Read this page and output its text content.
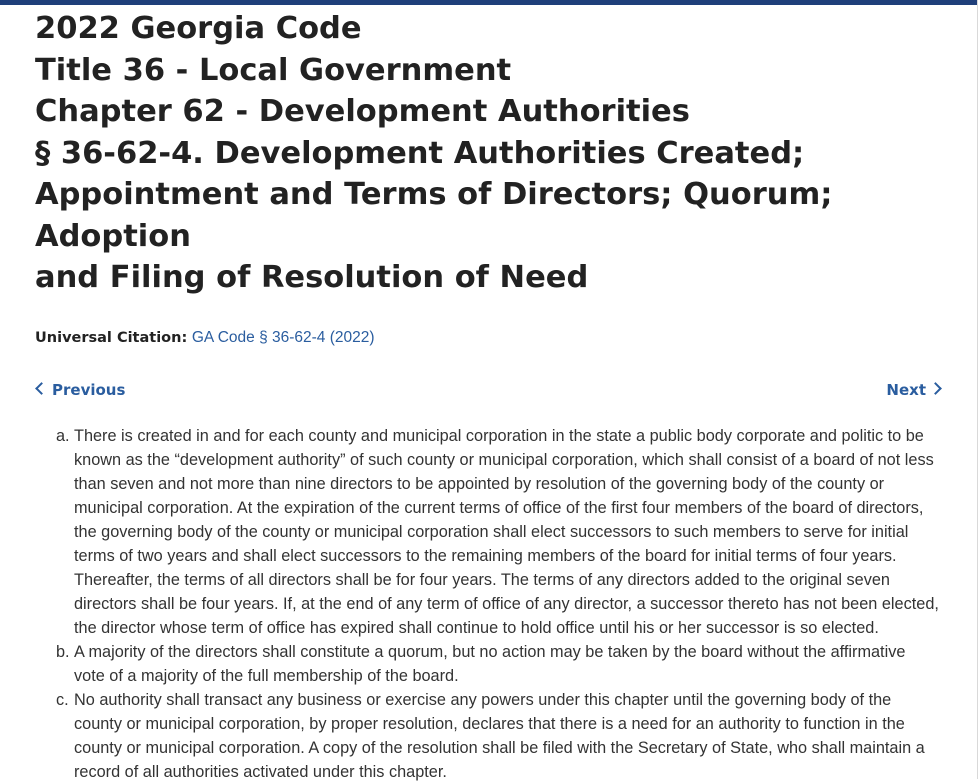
2022 Georgia Code
Title 36 - Local Government
Chapter 62 - Development Authorities
§ 36-62-4. Development Authorities Created;
Appointment and Terms of Directors; Quorum; Adoption
and Filing of Resolution of Need
Universal Citation: GA Code § 36-62-4 (2022)
Previous	Next
a. There is created in and for each county and municipal corporation in the state a public body corporate and politic to be known as the “development authority” of such county or municipal corporation, which shall consist of a board of not less than seven and not more than nine directors to be appointed by resolution of the governing body of the county or municipal corporation. At the expiration of the current terms of office of the first four members of the board of directors, the governing body of the county or municipal corporation shall elect successors to such members to serve for initial terms of two years and shall elect successors to the remaining members of the board for initial terms of four years. Thereafter, the terms of all directors shall be for four years. The terms of any directors added to the original seven directors shall be four years. If, at the end of any term of office of any director, a successor thereto has not been elected, the director whose term of office has expired shall continue to hold office until his or her successor is so elected.
b. A majority of the directors shall constitute a quorum, but no action may be taken by the board without the affirmative vote of a majority of the full membership of the board.
c. No authority shall transact any business or exercise any powers under this chapter until the governing body of the county or municipal corporation, by proper resolution, declares that there is a need for an authority to function in the county or municipal corporation. A copy of the resolution shall be filed with the Secretary of State, who shall maintain a record of all authorities activated under this chapter.
